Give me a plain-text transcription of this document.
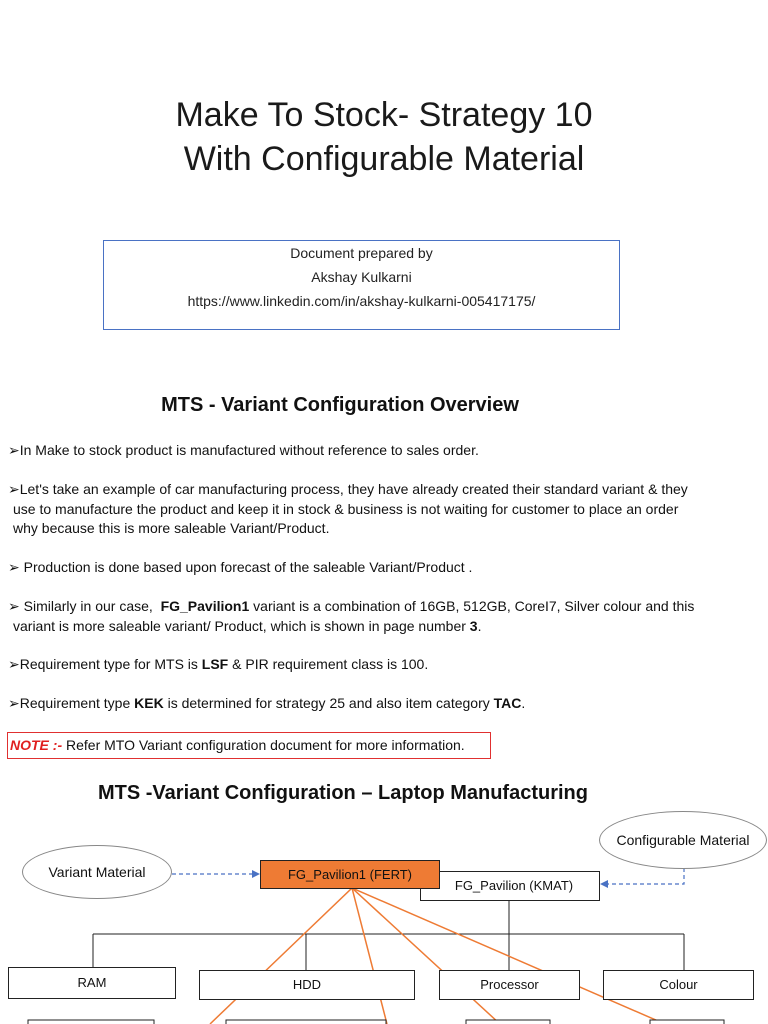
Make To Stock- Strategy 10
With Configurable Material
Document prepared by
Akshay Kulkarni
https://www.linkedin.com/in/akshay-kulkarni-005417175/
MTS - Variant Configuration Overview
➢In Make to stock product is manufactured without reference to sales order.
➢Let's take an example of car manufacturing process, they have already created their standard variant & they
use to manufacture the product and keep it in stock & business is not waiting for customer to place an order
why because this is more saleable Variant/Product.
➢ Production is done based upon forecast of the saleable Variant/Product .
➢ Similarly in our case,  FG_Pavilion1 variant is a combination of 16GB, 512GB, CoreI7, Silver colour and this
variant is more saleable variant/ Product, which is shown in page number 3.
➢Requirement type for MTS is LSF & PIR requirement class is 100.
➢Requirement type KEK is determined for strategy 25 and also item category TAC.
NOTE :- Refer MTO Variant configuration document for more information.
MTS -Variant Configuration – Laptop Manufacturing
Variant Material
Configurable Material
FG_Pavilion (KMAT)
FG_Pavilion1 (FERT)
RAM	HDD	Processor	Colour
